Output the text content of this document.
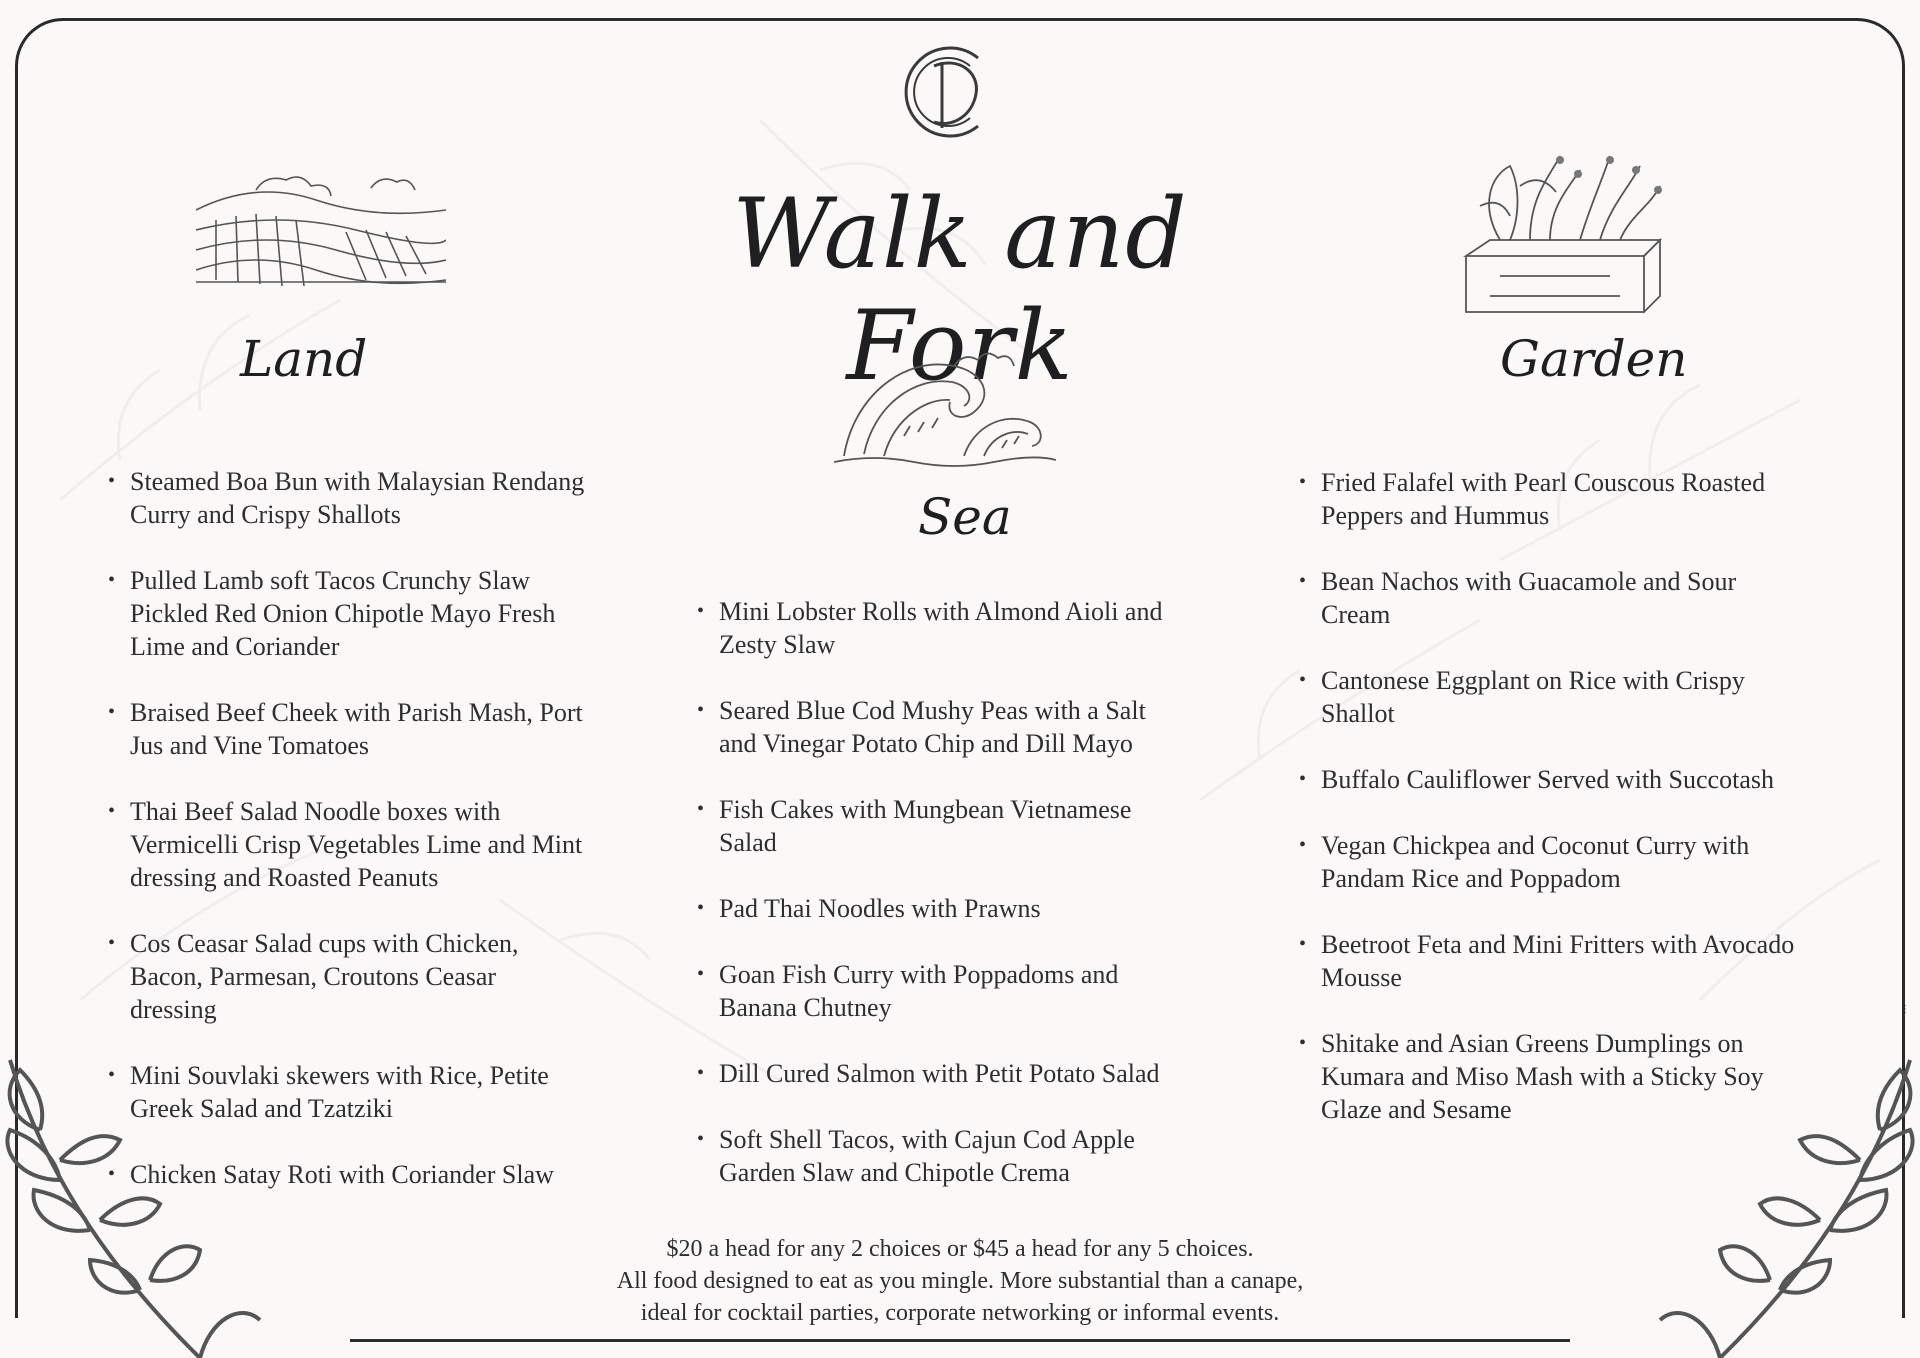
⋮	⋮
Walk and Fork
Land
Sea
Garden
• Steamed Boa Bun with Malaysian Rendang Curry and Crispy Shallots
• Pulled Lamb soft Tacos Crunchy Slaw Pickled Red Onion Chipotle Mayo Fresh Lime and Coriander
• Braised Beef Cheek with Parish Mash, Port Jus and Vine Tomatoes
• Thai Beef Salad Noodle boxes with Vermicelli Crisp Vegetables Lime and Mint dressing and Roasted Peanuts
• Cos Ceasar Salad cups with Chicken, Bacon, Parmesan, Croutons Ceasar dressing
• Mini Souvlaki skewers with Rice, Petite Greek Salad and Tzatziki
• Chicken Satay Roti with Coriander Slaw
• Mini Lobster Rolls with Almond Aioli and Zesty Slaw
• Seared Blue Cod Mushy Peas with a Salt and Vinegar Potato Chip and Dill Mayo
• Fish Cakes with Mungbean Vietnamese Salad
• Pad Thai Noodles with Prawns
• Goan Fish Curry with Poppadoms and Banana Chutney
• Dill Cured Salmon with Petit Potato Salad
• Soft Shell Tacos, with Cajun Cod Apple Garden Slaw and Chipotle Crema
• Fried Falafel with Pearl Couscous Roasted Peppers and Hummus
• Bean Nachos with Guacamole and Sour Cream
• Cantonese Eggplant on Rice with Crispy Shallot
• Buffalo Cauliflower Served with Succotash
• Vegan Chickpea and Coconut Curry with Pandam Rice and Poppadom
• Beetroot Feta and Mini Fritters with Avocado Mousse
• Shitake and Asian Greens Dumplings on Kumara and Miso Mash with a Sticky Soy Glaze and Sesame

$20 a head for any 2 choices or $45 a head for any 5 choices.

All food designed to eat as you mingle. More substantial than a canape,

ideal for cocktail parties, corporate networking or informal events.
